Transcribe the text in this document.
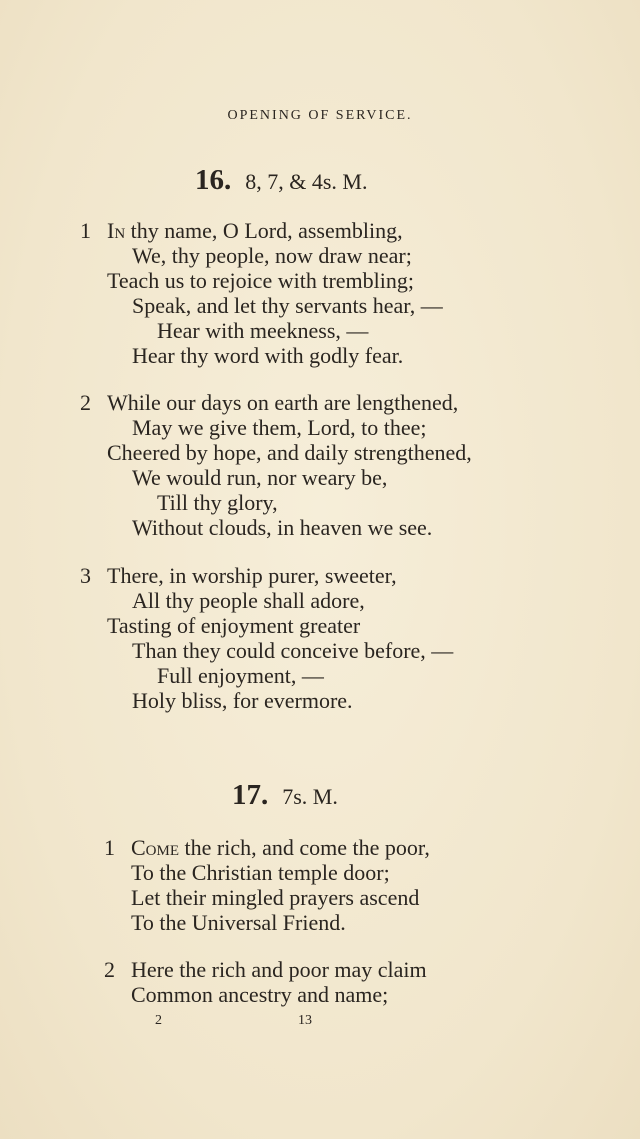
OPENING OF SERVICE.
16. 8, 7, & 4s. M.
1 In thy name, O Lord, assembling,
We, thy people, now draw near;
Teach us to rejoice with trembling;
Speak, and let thy servants hear, —
Hear with meekness, —
Hear thy word with godly fear.
2 While our days on earth are lengthened,
May we give them, Lord, to thee;
Cheered by hope, and daily strengthened,
We would run, nor weary be,
Till thy glory,
Without clouds, in heaven we see.
3 There, in worship purer, sweeter,
All thy people shall adore,
Tasting of enjoyment greater
Than they could conceive before, —
Full enjoyment, —
Holy bliss, for evermore.
17. 7s. M.
1 Come the rich, and come the poor,
To the Christian temple door;
Let their mingled prayers ascend
To the Universal Friend.
2 Here the rich and poor may claim
Common ancestry and name;
2	13
